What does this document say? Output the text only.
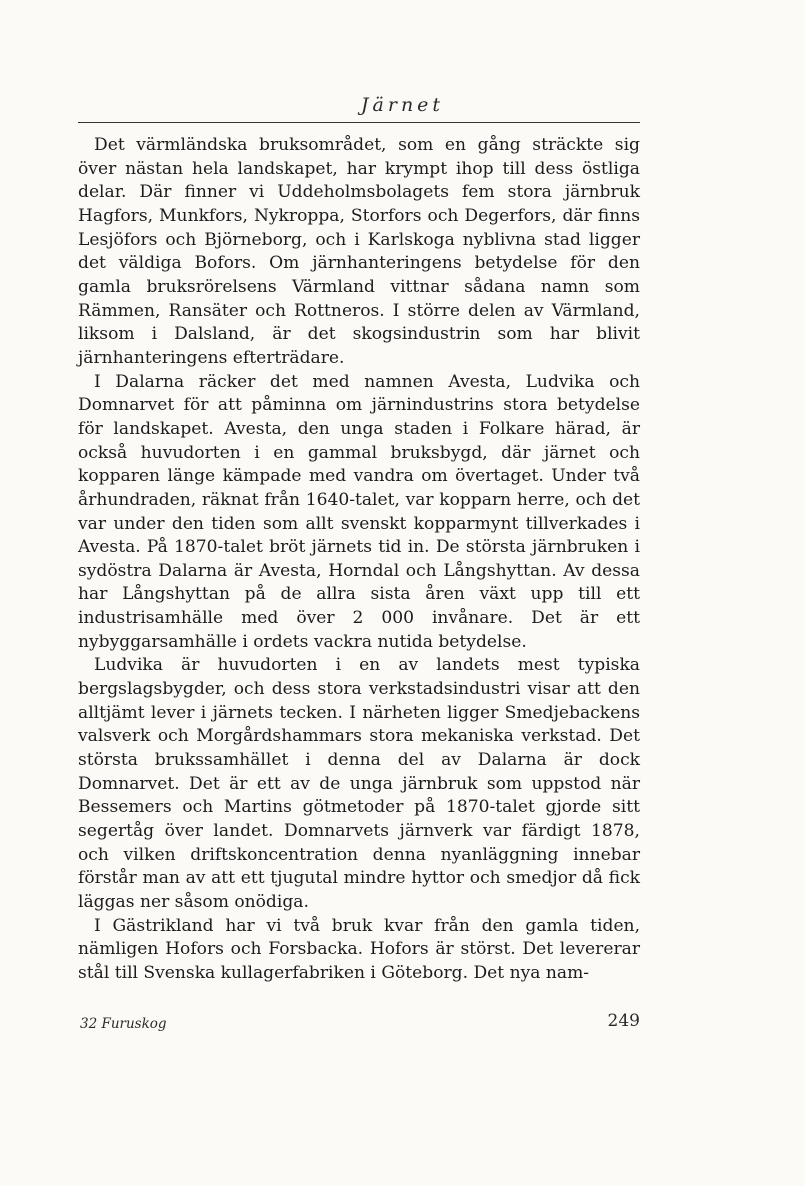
Järnet

Det värmländska bruksområdet, som en gång sträckte sig över nästan hela landskapet, har krympt ihop till dess östliga delar. Där finner vi Uddeholmsbolagets fem stora järnbruk Hagfors, Munkfors, Nykroppa, Storfors och Degerfors, där finns Lesjöfors och Björneborg, och i Karlskoga nyblivna stad ligger det väldiga Bofors. Om järnhanteringens betydelse för den gamla bruksrörelsens Värmland vittnar sådana namn som Rämmen, Ransäter och Rottneros. I större delen av Värmland, liksom i Dalsland, är det skogsindustrin som har blivit järnhanteringens efterträdare.

I Dalarna räcker det med namnen Avesta, Ludvika och Domnarvet för att påminna om järnindustrins stora betydelse för landskapet. Avesta, den unga staden i Folkare härad, är också huvudorten i en gammal bruksbygd, där järnet och kopparen länge kämpade med vandra om övertaget. Under två århundraden, räknat från 1640-talet, var kopparn herre, och det var under den tiden som allt svenskt kopparmynt tillverkades i Avesta. På 1870-talet bröt järnets tid in. De största järnbruken i sydöstra Dalarna är Avesta, Horndal och Långshyttan. Av dessa har Långshyttan på de allra sista åren växt upp till ett industrisamhälle med över 2 000 invånare. Det är ett nybyggarsamhälle i ordets vackra nutida betydelse.

Ludvika är huvudorten i en av landets mest typiska bergslagsbygder, och dess stora verkstadsindustri visar att den alltjämt lever i järnets tecken. I närheten ligger Smedjebackens valsverk och Morgårdshammars stora mekaniska verkstad. Det största brukssamhället i denna del av Dalarna är dock Domnarvet. Det är ett av de unga järnbruk som uppstod när Bessemers och Martins götmetoder på 1870-talet gjorde sitt segertåg över landet. Domnarvets järnverk var färdigt 1878, och vilken driftskoncentration denna nyanläggning innebar förstår man av att ett tjugutal mindre hyttor och smedjor då fick läggas ner såsom onödiga.

I Gästrikland har vi två bruk kvar från den gamla tiden, nämligen Hofors och Forsbacka. Hofors är störst. Det levererar stål till Svenska kullagerfabriken i Göteborg. Det nya nam-

32 Furuskog	249
